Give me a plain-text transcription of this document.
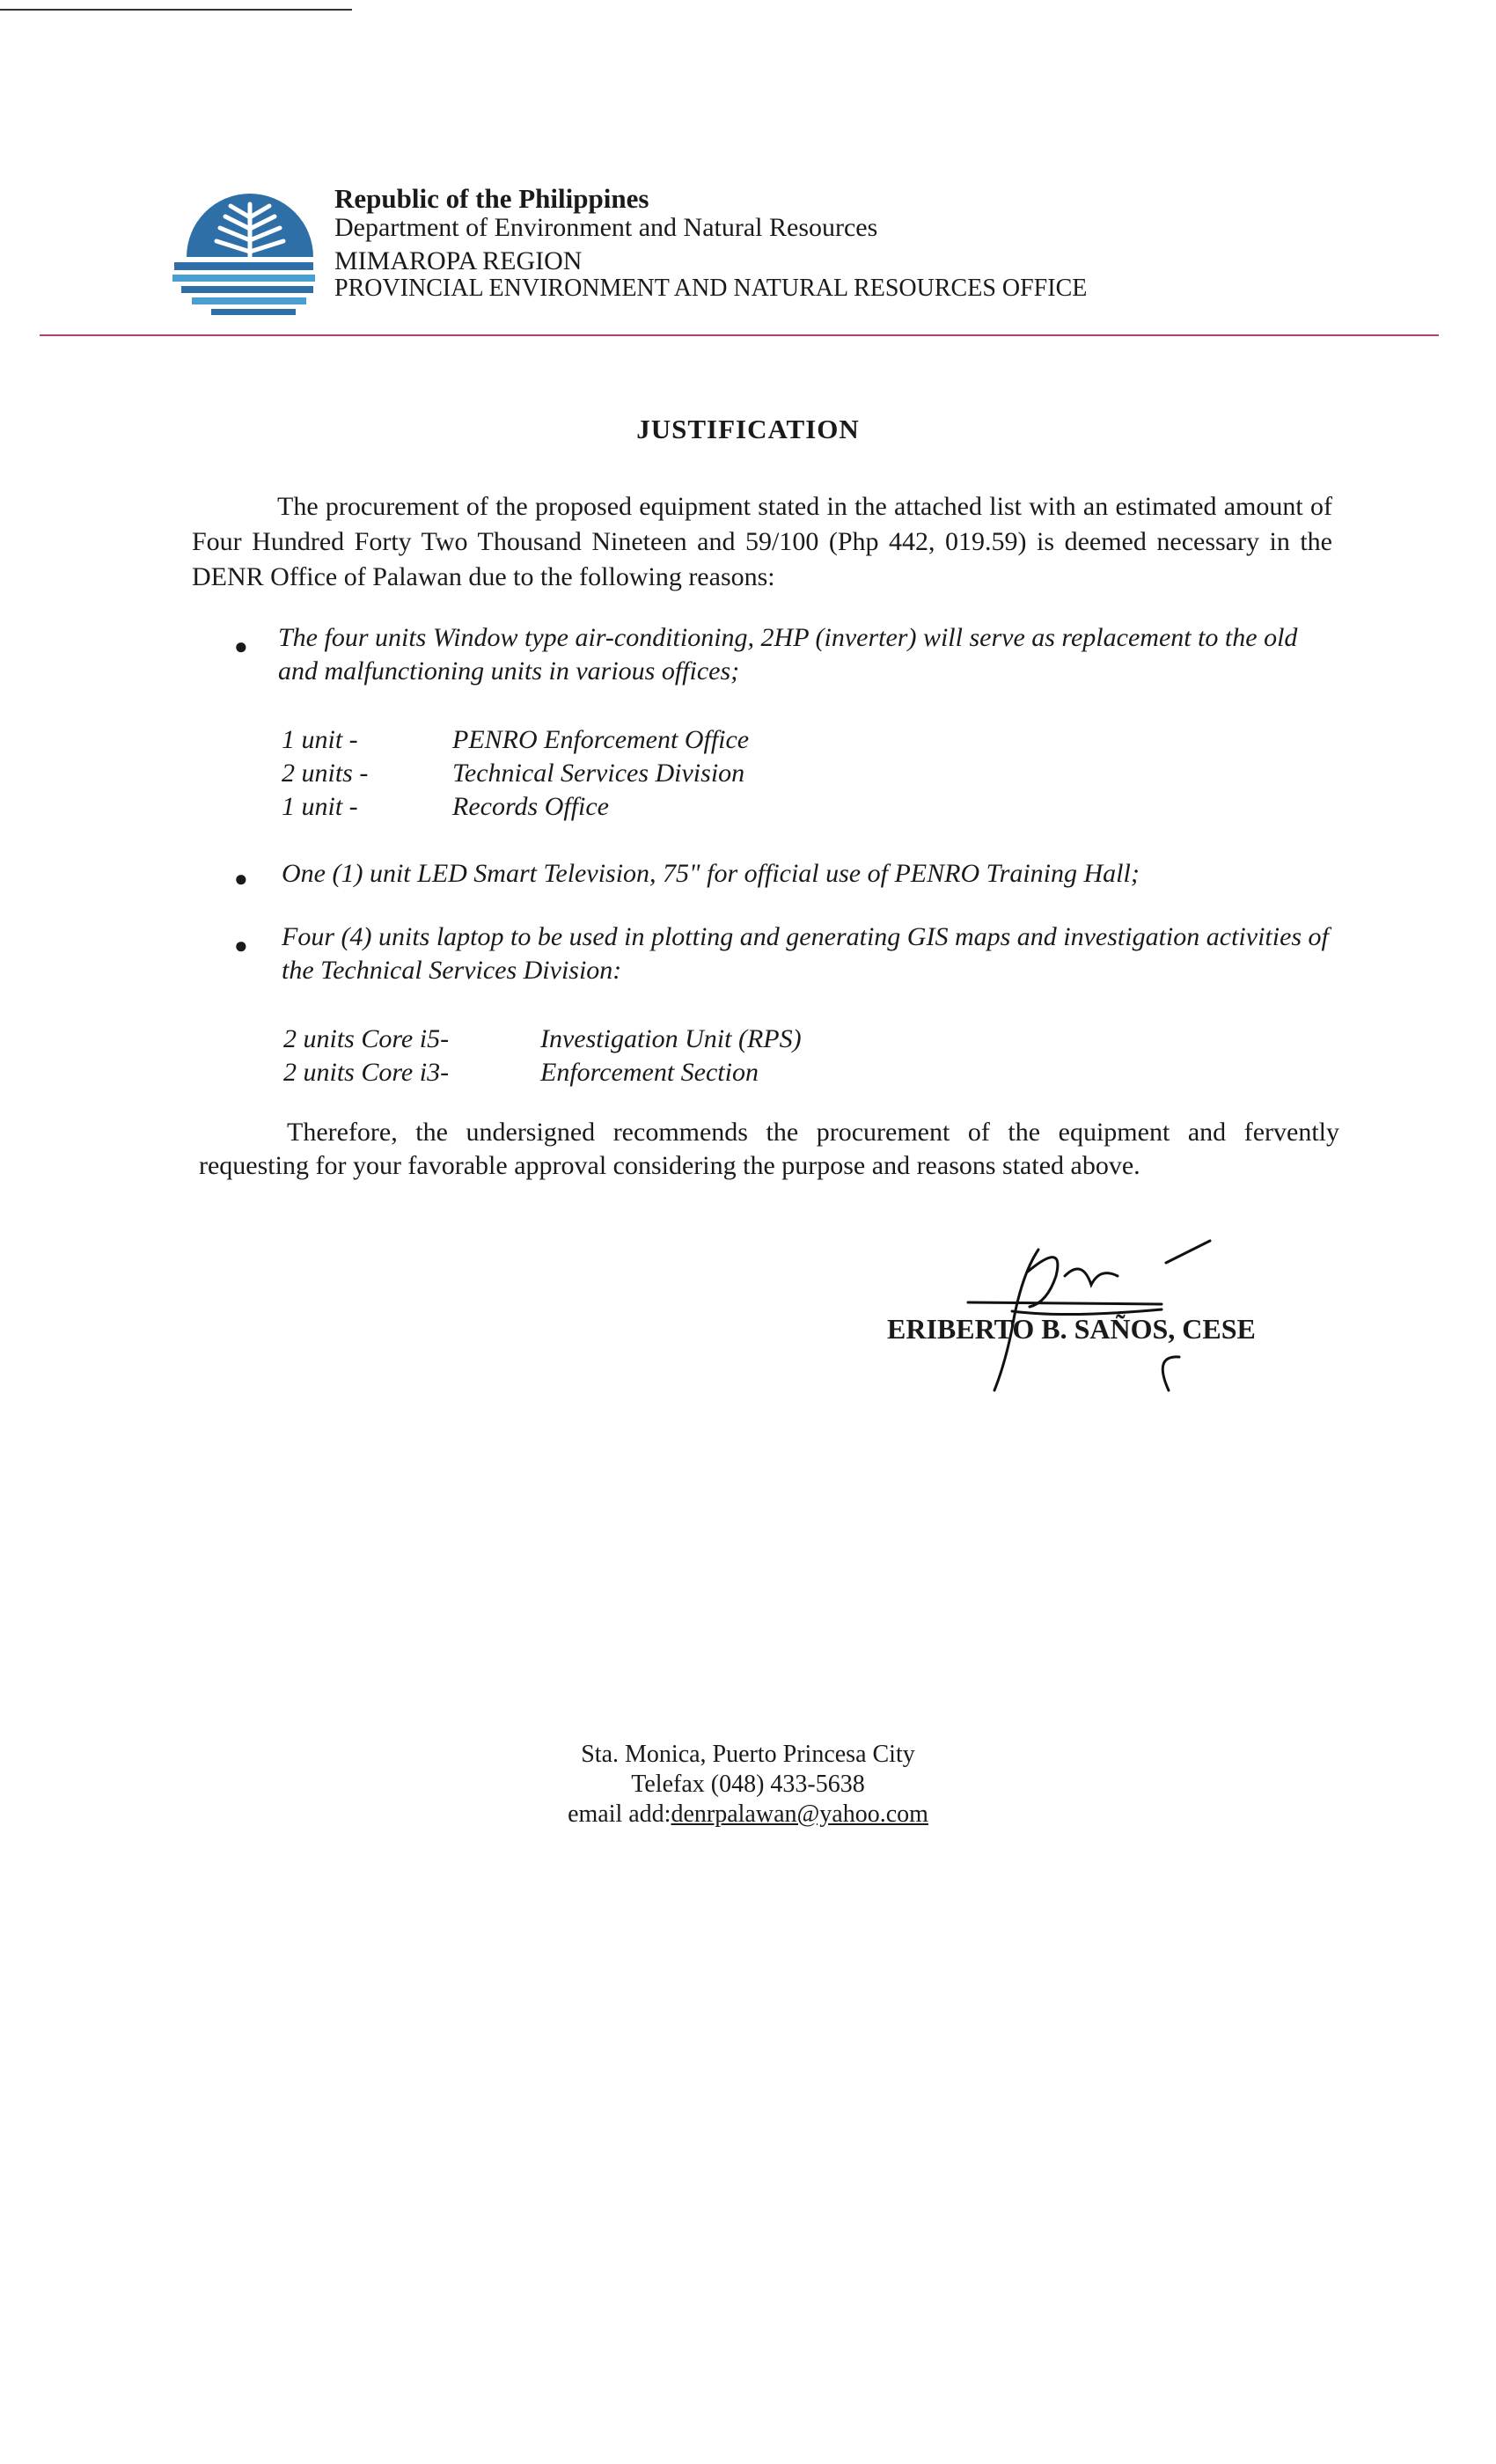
Republic of the Philippines
Department of Environment and Natural Resources
MIMAROPA REGION
PROVINCIAL ENVIRONMENT AND NATURAL RESOURCES OFFICE
JUSTIFICATION
The procurement of the proposed equipment stated in the attached list with an estimated amount of Four Hundred Forty Two Thousand Nineteen and 59/100 (Php 442, 019.59) is deemed necessary in the DENR Office of Palawan due to the following reasons:
● The four units Window type air-conditioning, 2HP (inverter) will serve as replacement to the old and malfunctioning units in various offices;
1 unit -	PENRO Enforcement Office
2 units -	Technical Services Division
1 unit -	Records Office
● One (1) unit LED Smart Television, 75" for official use of PENRO Training Hall;
● Four (4) units laptop to be used in plotting and generating GIS maps and investigation activities of the Technical Services Division:
2 units Core i5-	Investigation Unit (RPS)
2 units Core i3-	Enforcement Section
Therefore, the undersigned recommends the procurement of the equipment and fervently requesting for your favorable approval considering the purpose and reasons stated above.
ERIBERTO B. SAÑOS, CESE
Sta. Monica, Puerto Princesa City
Telefax (048) 433-5638
email add:denrpalawan@yahoo.com
